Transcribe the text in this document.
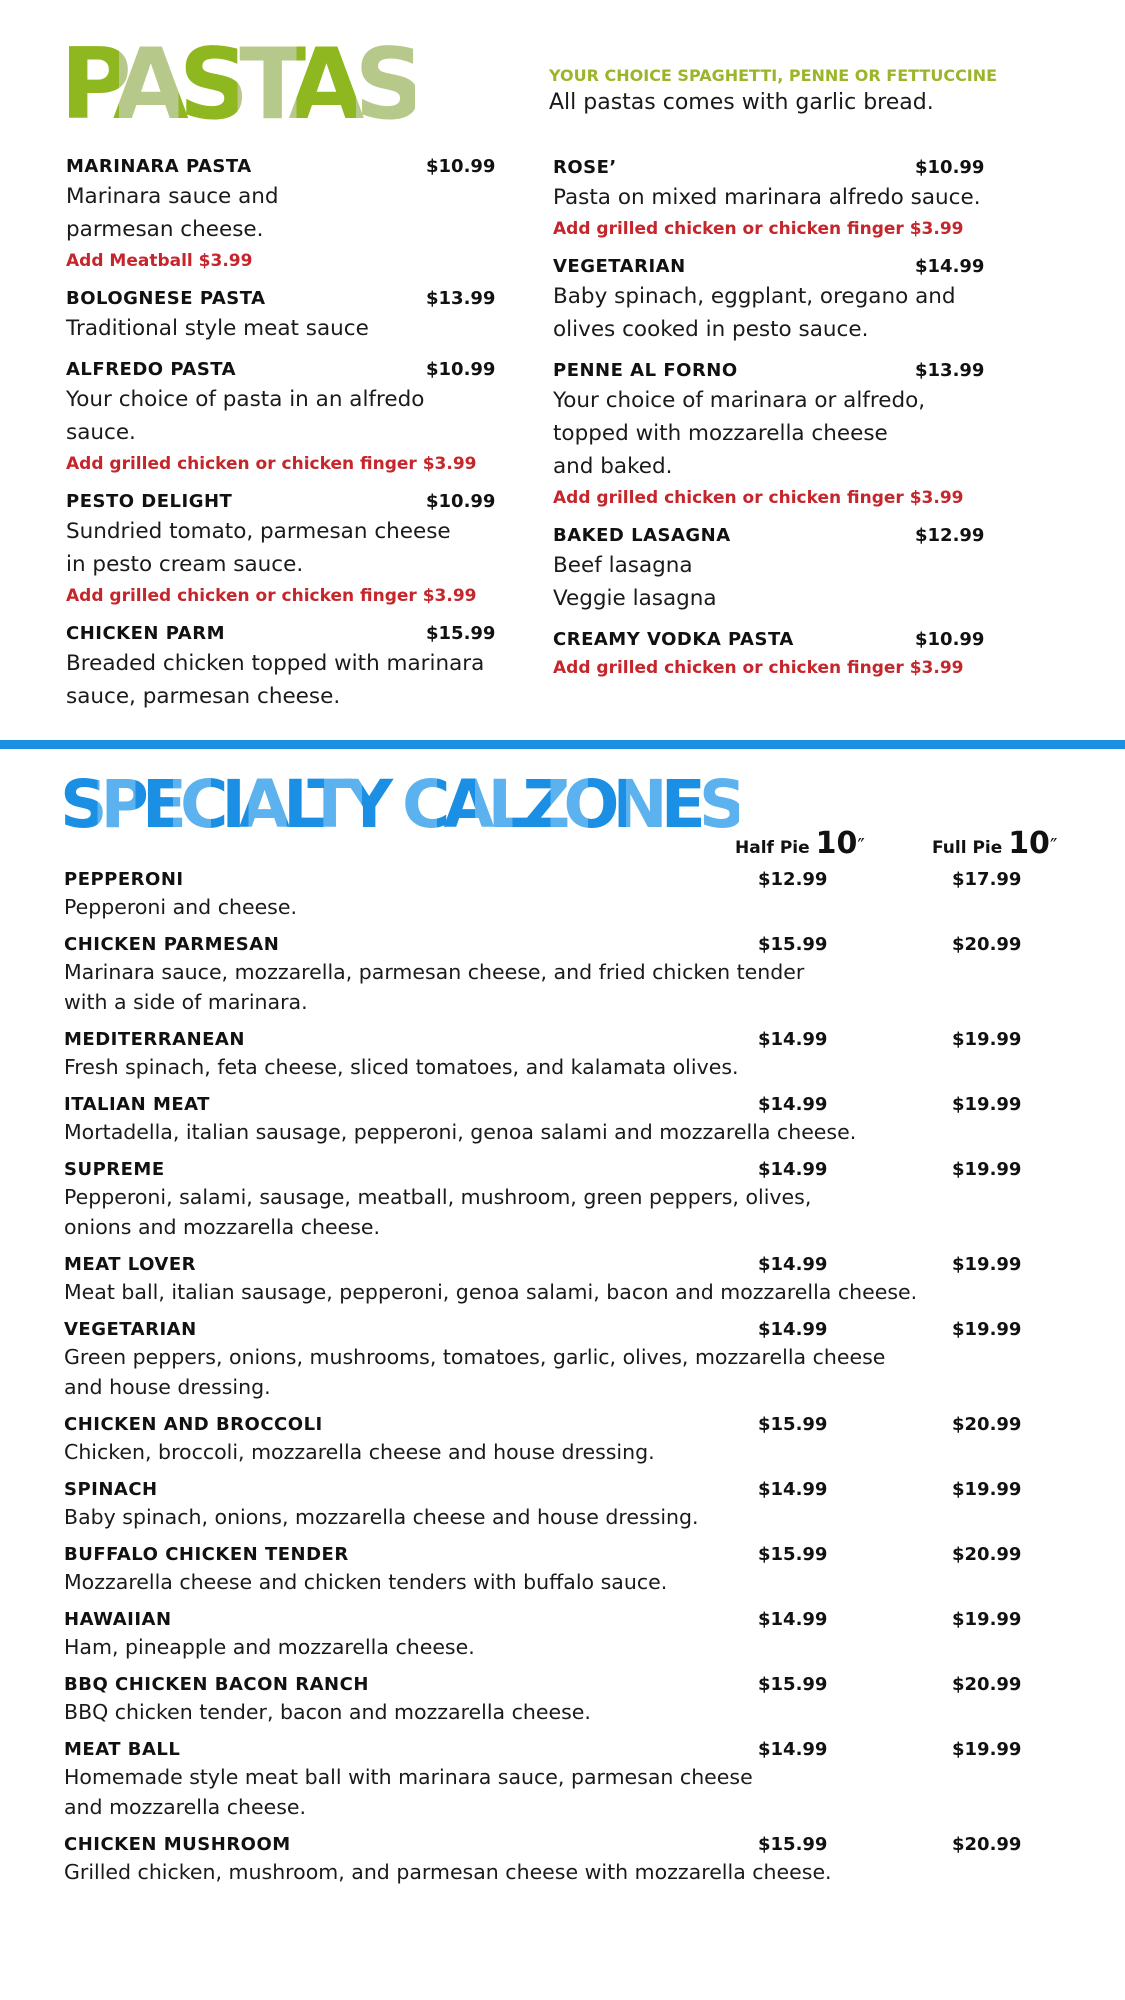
PASTAS	YOUR CHOICE SPAGHETTI, PENNE OR FETTUCCINE
All pastas comes with garlic bread.
MARINARA PASTA	$10.99
Marinara sauce and
parmesan cheese.
Add Meatball $3.99
BOLOGNESE PASTA	$13.99
Traditional style meat sauce
ALFREDO PASTA	$10.99
Your choice of pasta in an alfredo sauce.
Add grilled chicken or chicken finger $3.99
PESTO DELIGHT	$10.99
Sundried tomato, parmesan cheese
in pesto cream sauce.
Add grilled chicken or chicken finger $3.99
CHICKEN PARM	$15.99
Breaded chicken topped with marinara
sauce, parmesan cheese.
ROSE’	$10.99
Pasta on mixed marinara alfredo sauce.
Add grilled chicken or chicken finger $3.99
VEGETARIAN	$14.99
Baby spinach, eggplant, oregano and
olives cooked in pesto sauce.
PENNE AL FORNO	$13.99
Your choice of marinara or alfredo,
topped with mozzarella cheese
and baked.
Add grilled chicken or chicken finger $3.99
BAKED LASAGNA	$12.99
Beef lasagna
Veggie lasagna
CREAMY VODKA PASTA	$10.99
Add grilled chicken or chicken finger $3.99
SPECIALTY CALZONES
Half Pie 10″	Full Pie 10″
PEPPERONI	$12.99	$17.99
Pepperoni and cheese.
CHICKEN PARMESAN	$15.99	$20.99
Marinara sauce, mozzarella, parmesan cheese, and fried chicken tender
with a side of marinara.
MEDITERRANEAN	$14.99	$19.99
Fresh spinach, feta cheese, sliced tomatoes, and kalamata olives.
ITALIAN MEAT	$14.99	$19.99
Mortadella, italian sausage, pepperoni, genoa salami and mozzarella cheese.
SUPREME	$14.99	$19.99
Pepperoni, salami, sausage, meatball, mushroom, green peppers, olives,
onions and mozzarella cheese.
MEAT LOVER	$14.99	$19.99
Meat ball, italian sausage, pepperoni, genoa salami, bacon and mozzarella cheese.
VEGETARIAN	$14.99	$19.99
Green peppers, onions, mushrooms, tomatoes, garlic, olives, mozzarella cheese
and house dressing.
CHICKEN AND BROCCOLI	$15.99	$20.99
Chicken, broccoli, mozzarella cheese and house dressing.
SPINACH	$14.99	$19.99
Baby spinach, onions, mozzarella cheese and house dressing.
BUFFALO CHICKEN TENDER	$15.99	$20.99
Mozzarella cheese and chicken tenders with buffalo sauce.
HAWAIIAN	$14.99	$19.99
Ham, pineapple and mozzarella cheese.
BBQ CHICKEN BACON RANCH	$15.99	$20.99
BBQ chicken tender, bacon and mozzarella cheese.
MEAT BALL	$14.99	$19.99
Homemade style meat ball with marinara sauce, parmesan cheese
and mozzarella cheese.
CHICKEN MUSHROOM	$15.99	$20.99
Grilled chicken, mushroom, and parmesan cheese with mozzarella cheese.
